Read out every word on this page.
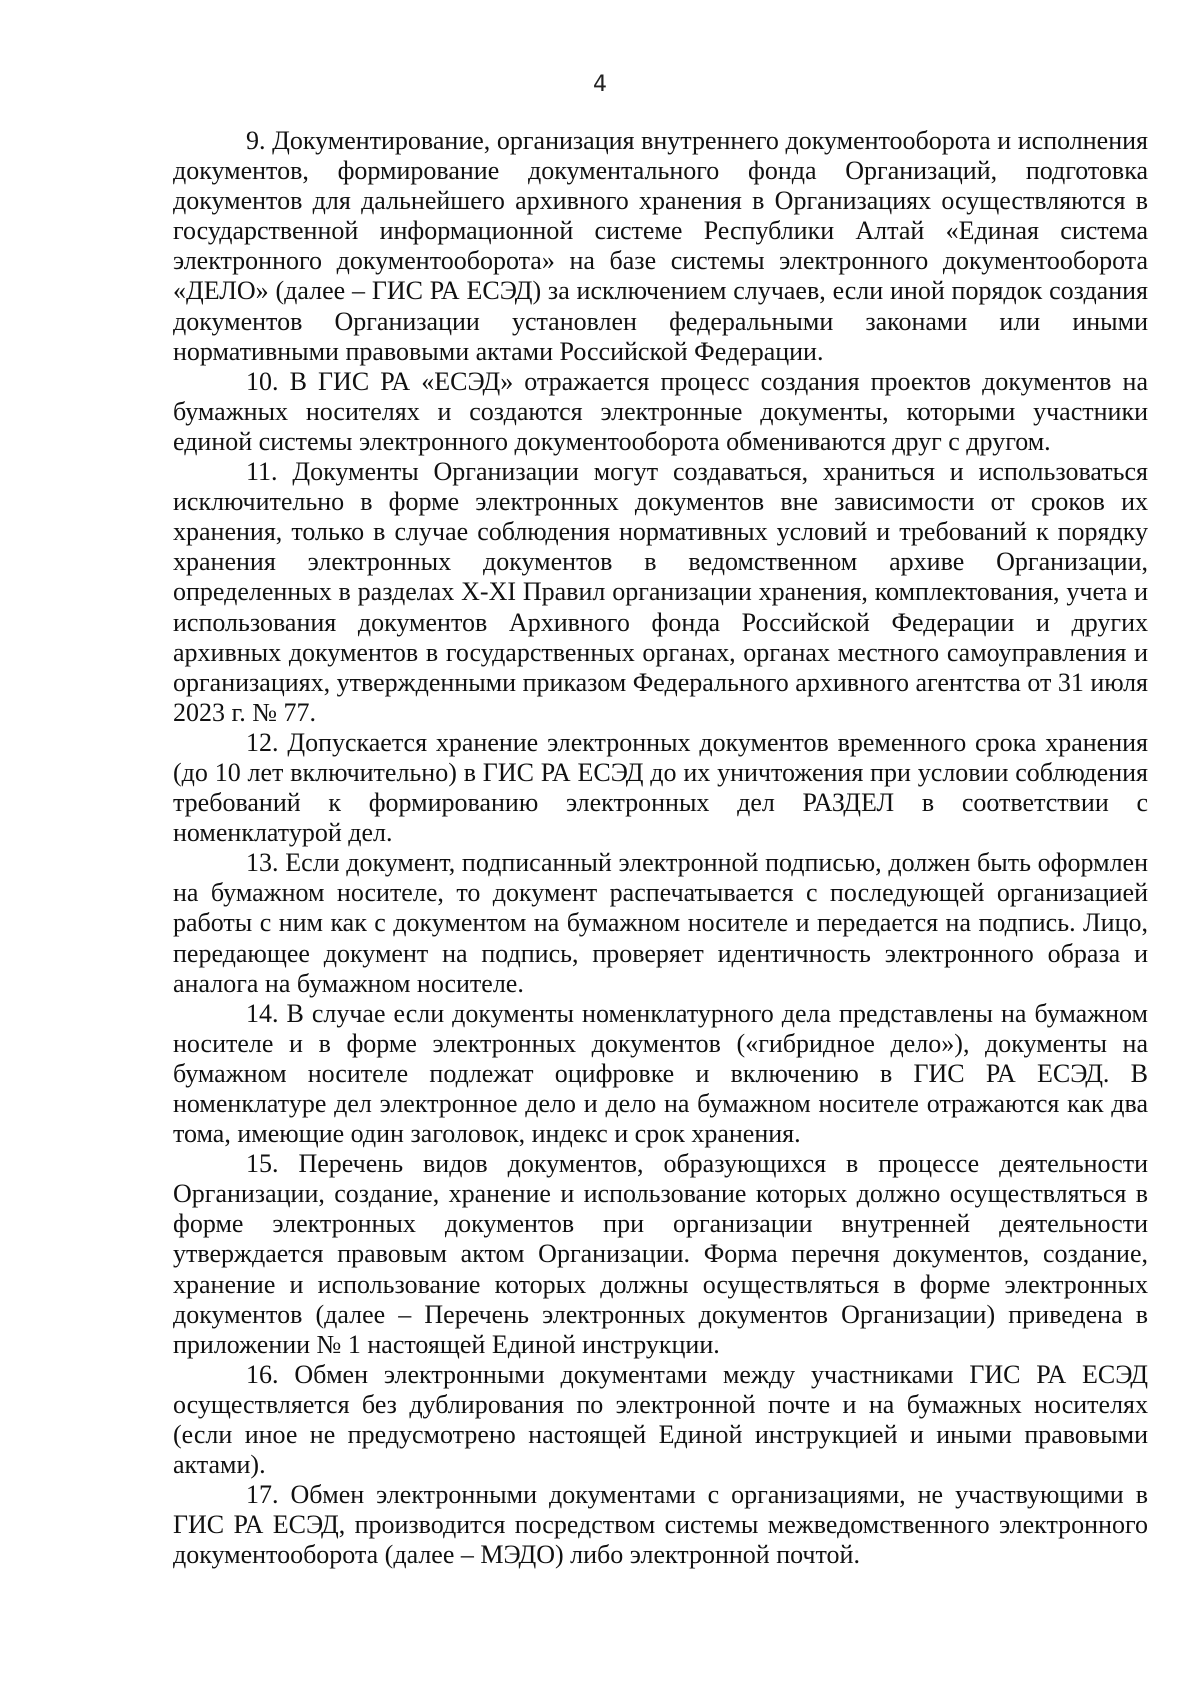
4

9. Документирование, организация внутреннего документооборота и исполнения документов, формирование документального фонда Организаций, подготовка документов для дальнейшего архивного хранения в Организациях осуществляются в государственной информационной системе Республики Алтай «Единая система электронного документооборота» на базе системы электронного документооборота «ДЕЛО» (далее – ГИС РА ЕСЭД) за исключением случаев, если иной порядок создания документов Организации установлен федеральными законами или иными нормативными правовыми актами Российской Федерации.

10. В ГИС РА «ЕСЭД» отражается процесс создания проектов документов на бумажных носителях и создаются электронные документы, которыми участники единой системы электронного документооборота обмениваются друг с другом.

11. Документы Организации могут создаваться, храниться и использоваться исключительно в форме электронных документов вне зависимости от сроков их хранения, только в случае соблюдения нормативных условий и требований к порядку хранения электронных документов в ведомственном архиве Организации, определенных в разделах X-XI Правил организации хранения, комплектования, учета и использования документов Архивного фонда Российской Федерации и других архивных документов в государственных органах, органах местного самоуправления и организациях, утвержденными приказом Федерального архивного агентства от 31 июля 2023 г. № 77.

12. Допускается хранение электронных документов временного срока хранения (до 10 лет включительно) в ГИС РА ЕСЭД до их уничтожения при условии соблюдения требований к формированию электронных дел РАЗДЕЛ в соответствии с номенклатурой дел.

13. Если документ, подписанный электронной подписью, должен быть оформлен на бумажном носителе, то документ распечатывается с последующей организацией работы с ним как с документом на бумажном носителе и передается на подпись. Лицо, передающее документ на подпись, проверяет идентичность электронного образа и аналога на бумажном носителе.

14. В случае если документы номенклатурного дела представлены на бумажном носителе и в форме электронных документов («гибридное дело»), документы на бумажном носителе подлежат оцифровке и включению в ГИС РА ЕСЭД. В номенклатуре дел электронное дело и дело на бумажном носителе отражаются как два тома, имеющие один заголовок, индекс и срок хранения.

15. Перечень видов документов, образующихся в процессе деятельности Организации, создание, хранение и использование которых должно осуществляться в форме электронных документов при организации внутренней деятельности утверждается правовым актом Организации. Форма перечня документов, создание, хранение и использование которых должны осуществляться в форме электронных документов (далее – Перечень электронных документов Организации) приведена в приложении № 1 настоящей Единой инструкции.

16. Обмен электронными документами между участниками ГИС РА ЕСЭД осуществляется без дублирования по электронной почте и на бумажных носителях (если иное не предусмотрено настоящей Единой инструкцией и иными правовыми актами).

17. Обмен электронными документами с организациями, не участвующими в ГИС РА ЕСЭД, производится посредством системы межведомственного электронного документооборота (далее – МЭДО) либо электронной почтой.
